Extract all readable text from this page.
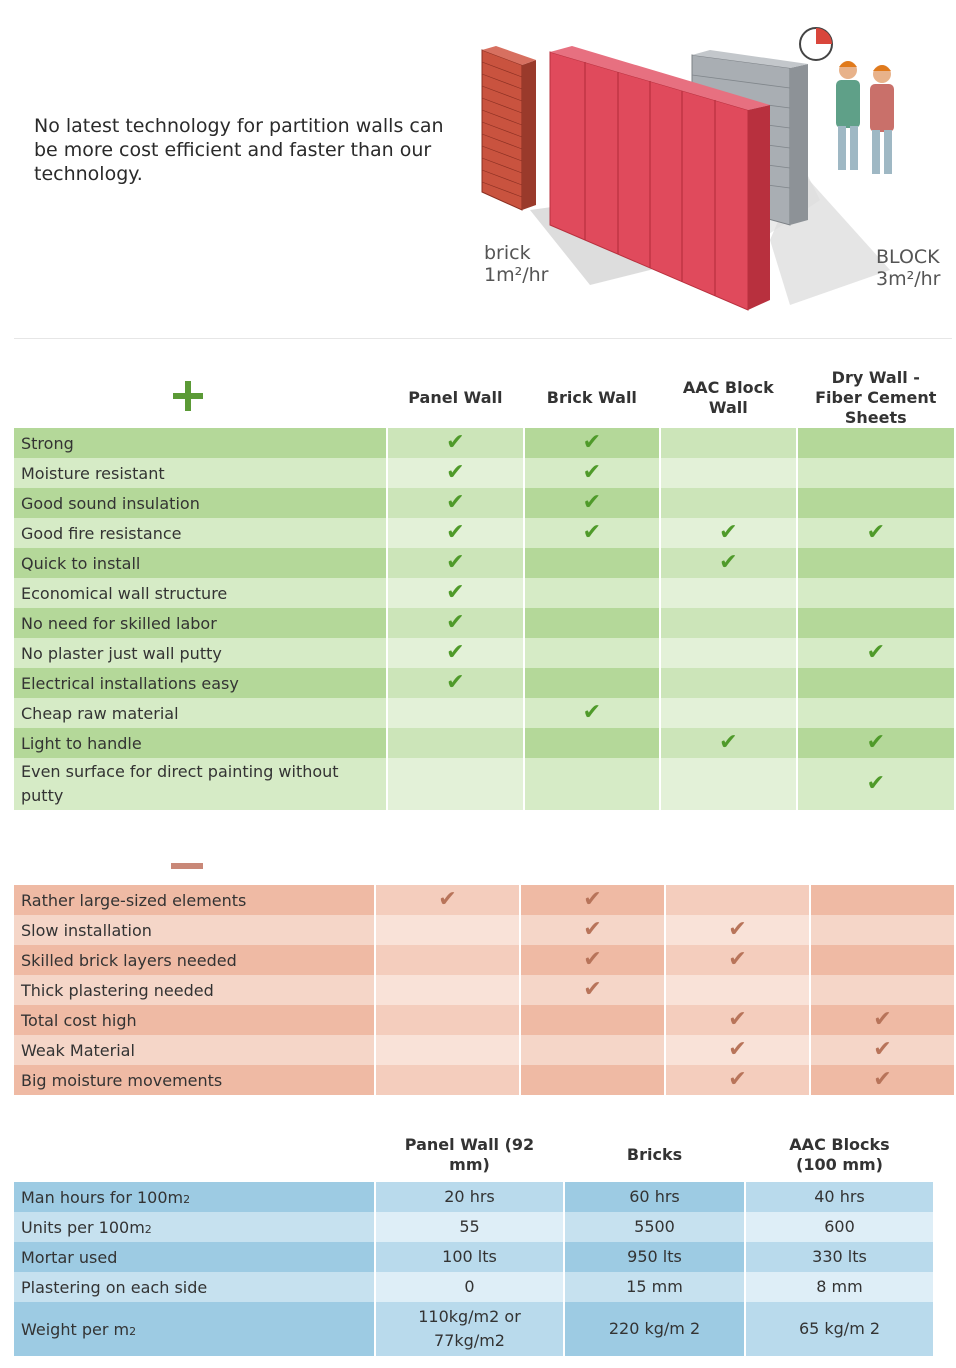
No latest technology for partition walls can be more cost efficient and faster than our technology.
brick
1m²/hr
BLOCK
3m²/hr
	Panel Wall	Brick Wall	AAC Block Wall	Dry Wall - Fiber Cement Sheets
Strong	✔	✔		
Moisture resistant	✔	✔		
Good sound insulation	✔	✔		
Good fire resistance	✔	✔	✔	✔
Quick to install	✔		✔	
Economical wall structure	✔			
No need for skilled labor	✔			
No plaster just wall putty	✔			✔
Electrical installations easy	✔			
Cheap raw material		✔		
Light to handle			✔	✔
Even surface for direct painting without putty				✔

Rather large-sized elements	✔	✔		
Slow installation		✔	✔	
Skilled brick layers needed		✔	✔	
Thick plastering needed		✔		
Total cost high			✔	✔
Weak Material			✔	✔
Big moisture movements			✔	✔
	Panel Wall (92 mm)	Bricks	AAC Blocks (100 mm)
Man hours for 100m2	20 hrs	60 hrs	40 hrs
Units per 100m2	55	5500	600
Mortar used	100 lts	950 lts	330 lts
Plastering on each side	0	15 mm	8 mm
Weight per m2	110kg/m2 or 77kg/m2	220 kg/m 2	65 kg/m 2
